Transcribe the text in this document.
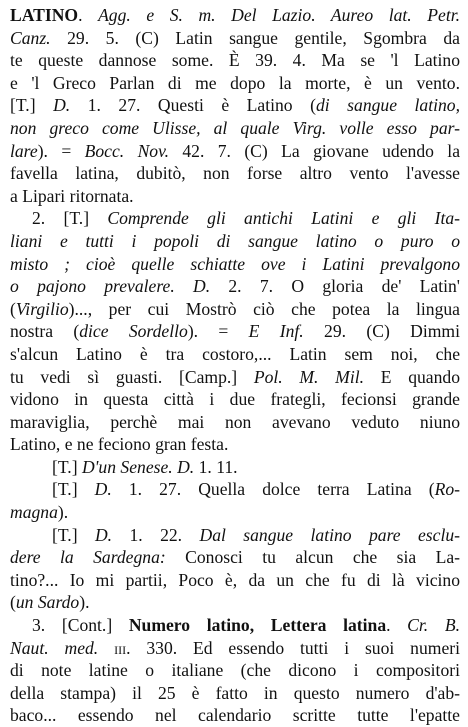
LATINO. Agg. e S. m. Del Lazio. Aureo lat. Petr.
Canz. 29. 5. (C) Latin sangue gentile, Sgombra da
te queste dannose some. È 39. 4. Ma se 'l Latino
e 'l Greco Parlan di me dopo la morte, è un vento.
[T.] D. 1. 27. Questi è Latino (di sangue latino,
non greco come Ulisse, al quale Virg. volle esso par-
lare). = Bocc. Nov. 42. 7. (C) La giovane udendo la
favella latina, dubitò, non forse altro vento l'avesse
a Lipari ritornata.
2. [T.] Comprende gli antichi Latini e gli Ita-
liani e tutti i popoli di sangue latino o puro o
misto ; cioè quelle schiatte ove i Latini prevalgono
o pajono prevalere. D. 2. 7. O gloria de' Latin'
(Virgilio)..., per cui Mostrò ciò che potea la lingua
nostra (dice Sordello). = E Inf. 29. (C) Dimmi
s'alcun Latino è tra costoro,... Latin sem noi, che
tu vedi sì guasti. [Camp.] Pol. M. Mil. E quando
vidono in questa città i due frategli, fecionsi grande
maraviglia, perchè mai non avevano veduto niuno
Latino, e ne feciono gran festa.
[T.] D'un Senese. D. 1. 11.
[T.] D. 1. 27. Quella dolce terra Latina (Ro-
magna).
[T.] D. 1. 22. Dal sangue latino pare esclu-
dere la Sardegna: Conosci tu alcun che sia La-
tino?... Io mi partii, Poco è, da un che fu di là vicino
(un Sardo).
3. [Cont.] Numero latino, Lettera latina. Cr. B.
Naut. med. iii. 330. Ed essendo tutti i suoi numeri
di note latine o italiane (che dicono i compositori
della stampa) il 25 è fatto in questo numero d'ab-
baco... essendo nel calendario scritte tutte l'epatte
